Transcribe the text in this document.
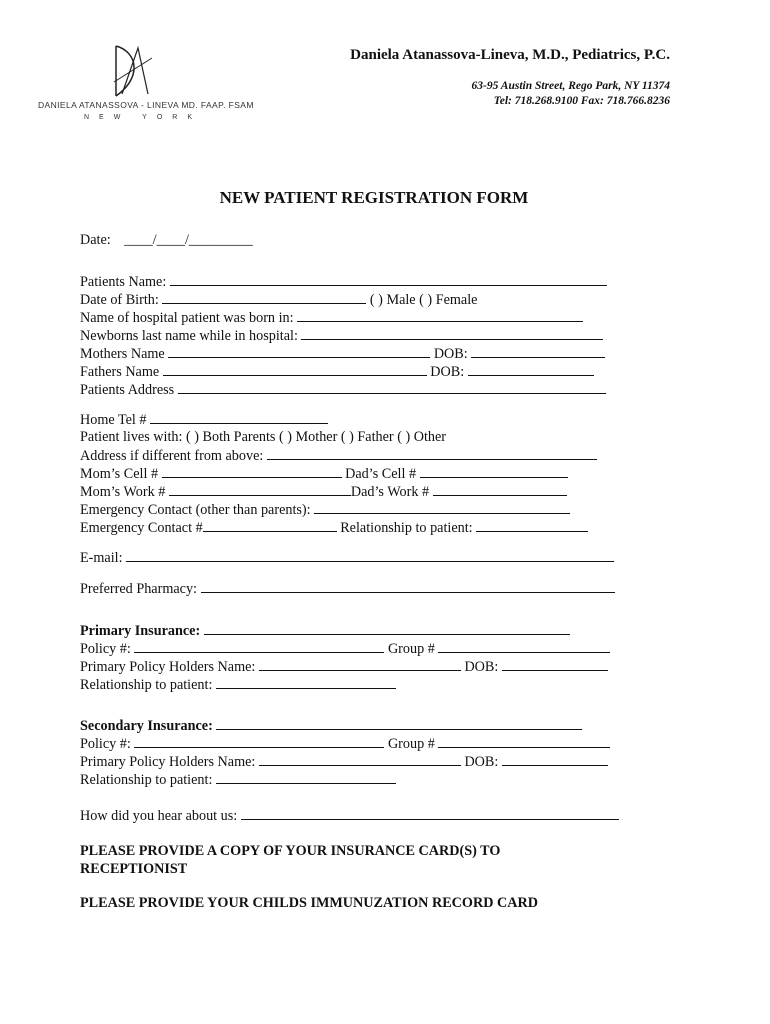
DANIELA ATANASSOVA - LINEVA MD. FAAP. FSAM
NEW YORK
Daniela Atanassova-Lineva, M.D., Pediatrics, P.C.
63-95 Austin Street, Rego Park, NY 11374
Tel: 718.268.9100 Fax: 718.766.8236
NEW PATIENT REGISTRATION FORM
Date: ____/____/_________
Patients Name:
Date of Birth:	( ) Male ( ) Female
Name of hospital patient was born in:
Newborns last name while in hospital:
Mothers Name	DOB:
Fathers Name	DOB:
Patients Address
Home Tel #
Patient lives with: ( ) Both Parents ( ) Mother ( ) Father ( ) Other
Address if different from above:
Mom’s Cell #	Dad’s Cell #
Mom’s Work #	Dad’s Work #
Emergency Contact (other than parents):
Emergency Contact #	Relationship to patient:
E-mail:
Preferred Pharmacy:
Primary Insurance:
Policy #:	Group #
Primary Policy Holders Name:	DOB:
Relationship to patient:
Secondary Insurance:
Policy #:	Group #
Primary Policy Holders Name:	DOB:
Relationship to patient:
How did you hear about us:
PLEASE PROVIDE A COPY OF YOUR INSURANCE CARD(S) TO RECEPTIONIST
PLEASE PROVIDE YOUR CHILDS IMMUNUZATION RECORD CARD
